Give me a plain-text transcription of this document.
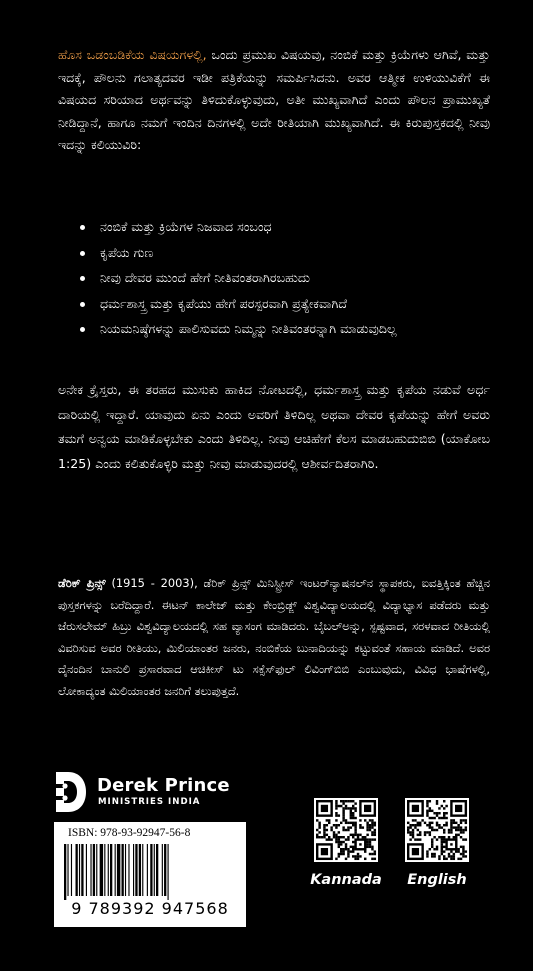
ಹೊಸ ಒಡಂಬಡಿಕೆಯ ವಿಷಯಗಳಲ್ಲಿ, ಒಂದು ಪ್ರಮುಖ ವಿಷಯವು, ನಂಬಿಕೆ ಮತ್ತು ಕ್ರಿಯೆಗಳು ಆಗಿವೆ, ಮತ್ತು ಇದಕ್ಕೆ, ಪೌಲನು ಗಲಾತ್ಯದವರ ಇಡೀ ಪತ್ರಿಕೆಯನ್ನು ಸಮರ್ಪಿಸಿದನು. ಅವರ ಆತ್ಮೀಕ ಉಳಿಯುವಿಕೆಗೆ ಈ ವಿಷಯದ ಸರಿಯಾದ ಅರ್ಥವನ್ನು ತಿಳಿದುಕೊಳ್ಳುವುದು, ಅತೀ ಮುಖ್ಯವಾಗಿದೆ ಎಂದು ಪೌಲನ ಪ್ರಾಮುಖ್ಯತೆ ನೀಡಿದ್ದಾನೆ, ಹಾಗೂ ನಮಗೆ ಇಂದಿನ ದಿನಗಳಲ್ಲಿ ಅದೇ ರೀತಿಯಾಗಿ ಮುಖ್ಯವಾಗಿದೆ. ಈ ಕಿರುಪುಸ್ತಕದಲ್ಲಿ ನೀವು ಇದನ್ನು ಕಲಿಯುವಿರಿ:

ನಂಬಿಕೆ ಮತ್ತು ಕ್ರಿಯೆಗಳ ನಿಜವಾದ ಸಂಬಂಧ
ಕೃಪೆಯ ಗುಣ
ನೀವು ದೇವರ ಮುಂದೆ ಹೇಗೆ ನೀತಿವಂತರಾಗಿರಬಹುದು
ಧರ್ಮಶಾಸ್ತ್ರ ಮತ್ತು ಕೃಪೆಯು ಹೇಗೆ ಪರಸ್ಪರವಾಗಿ ಪ್ರತ್ಯೇಕವಾಗಿದೆ
ನಿಯಮನಿಷ್ಠೆಗಳನ್ನು ಪಾಲಿಸುವದು ನಿಮ್ಮನ್ನು ನೀತಿವಂತರನ್ನಾಗಿ ಮಾಡುವುದಿಲ್ಲ

ಅನೇಕ ಕ್ರೈಸ್ತರು, ಈ ತರಹದ ಮುಸುಕು ಹಾಕಿದ ನೋಟದಲ್ಲಿ, ಧರ್ಮಶಾಸ್ತ್ರ ಮತ್ತು ಕೃಪೆಯ ನಡುವೆ ಅರ್ಧ ದಾರಿಯಲ್ಲಿ ಇದ್ದಾರೆ. ಯಾವುದು ಏನು ಎಂದು ಅವರಿಗೆ ತಿಳಿದಿಲ್ಲ ಅಥವಾ ದೇವರ ಕೃಪೆಯನ್ನು ಹೇಗೆ ಅವರು ತಮಗೆ ಅನ್ವಯ ಮಾಡಿಕೊಳ್ಳಬೇಕು ಎಂದು ತಿಳಿದಿಲ್ಲ. ನೀವು ಆಚಿಹೇಗೆ ಕೆಲಸ ಮಾಡಬಹುದುಬಿಬಿ (ಯಾಕೋಬ 1:25) ಎಂದು ಕಲಿತುಕೊಳ್ಳಿರಿ ಮತ್ತು ನೀವು ಮಾಡುವುದರಲ್ಲಿ ಆಶೀರ್ವದಿತರಾಗಿರಿ.

ಡೆರಿಕ್ ಪ್ರಿನ್ಸ್ (1915 - 2003), ಡೆರಿಕ್ ಪ್ರಿನ್ಸ್ ಮಿನಿಸ್ಟ್ರೀಸ್ ಇಂಟರ್‌ನ್ಯಾಷನಲ್‌ನ ಸ್ಥಾಪಕರು, ಐವತ್ತಿಕ್ಕಿಂತ ಹೆಚ್ಚಿನ ಪುಸ್ತಕಗಳನ್ನು ಬರೆದಿದ್ದಾರೆ. ಈಟನ್ ಕಾಲೇಜ್ ಮತ್ತು ಕೇಂಬ್ರಿಡ್ಜ್ ವಿಶ್ವವಿದ್ಯಾಲಯದಲ್ಲಿ ವಿದ್ಯಾಭ್ಯಾಸ ಪಡೆದರು ಮತ್ತು ಜೆರುಸಲೇಮ್ ಹಿಬ್ರು ವಿಶ್ವವಿದ್ಯಾಲಯದಲ್ಲಿ ಸಹ ವ್ಯಾಸಂಗ ಮಾಡಿದರು. ಬೈಬಲ್‌ಅನ್ನು, ಸ್ಪಷ್ಟವಾದ, ಸರಳವಾದ ರೀತಿಯಲ್ಲಿ ವಿವರಿಸುವ ಅವರ ರೀತಿಯು, ಮಿಲಿಯಾಂತರ ಜನರು, ನಂಬಿಕೆಯ ಬುನಾದಿಯನ್ನು ಕಟ್ಟುವಂತೆ ಸಹಾಯ ಮಾಡಿದೆ. ಅವರ ದೈನಂದಿನ ಬಾನುಲಿ ಪ್ರಸಾರವಾದ ಆಚಿಕೀಸ್ ಟು ಸಕ್ಸೆಸ್‌ಫುಲ್ ಲಿವಿಂಗ್‌ಬಿಬಿ ಎಂಬುವುದು, ವಿವಿಧ ಭಾಷೆಗಳಲ್ಲಿ, ಲೋಕಾದ್ಯಂತ ಮಿಲಿಯಾಂತರ ಜನರಿಗೆ ತಲುಪುತ್ತದೆ.

Derek Prince
MINISTRIES INDIA
ISBN: 978-93-92947-56-8
9 789392 947568
Kannada	English
